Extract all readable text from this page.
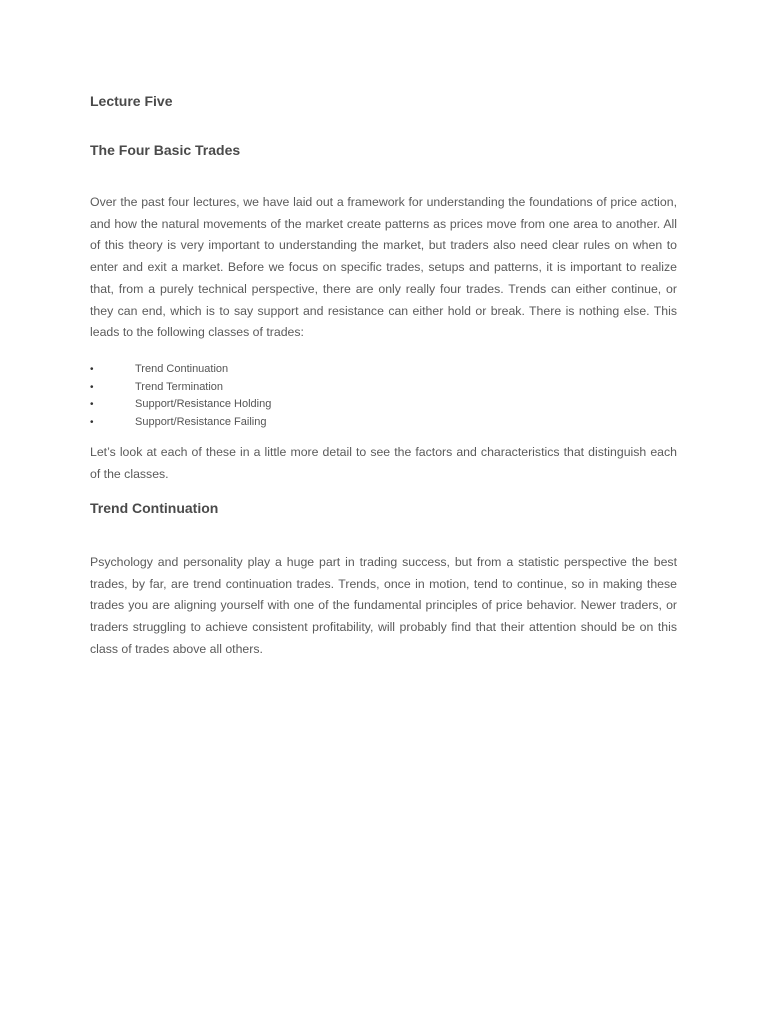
Lecture Five
The Four Basic Trades

Over the past four lectures, we have laid out a framework for understanding the foundations of price action, and how the natural movements of the market create patterns as prices move from one area to another. All of this theory is very important to understanding the market, but traders also need clear rules on when to enter and exit a market. Before we focus on specific trades, setups and patterns, it is important to realize that, from a purely technical perspective, there are only really four trades. Trends can either continue, or they can end, which is to say support and resistance can either hold or break. There is nothing else. This leads to the following classes of trades:

•	Trend Continuation
•	Trend Termination
•	Support/Resistance Holding
•	Support/Resistance Failing

Let’s look at each of these in a little more detail to see the factors and characteristics that distinguish each of the classes.

Trend Continuation

Psychology and personality play a huge part in trading success, but from a statistic perspective the best trades, by far, are trend continuation trades. Trends, once in motion, tend to continue, so in making these trades you are aligning yourself with one of the fundamental principles of price behavior. Newer traders, or traders struggling to achieve consistent profitability, will probably find that their attention should be on this class of trades above all others.
